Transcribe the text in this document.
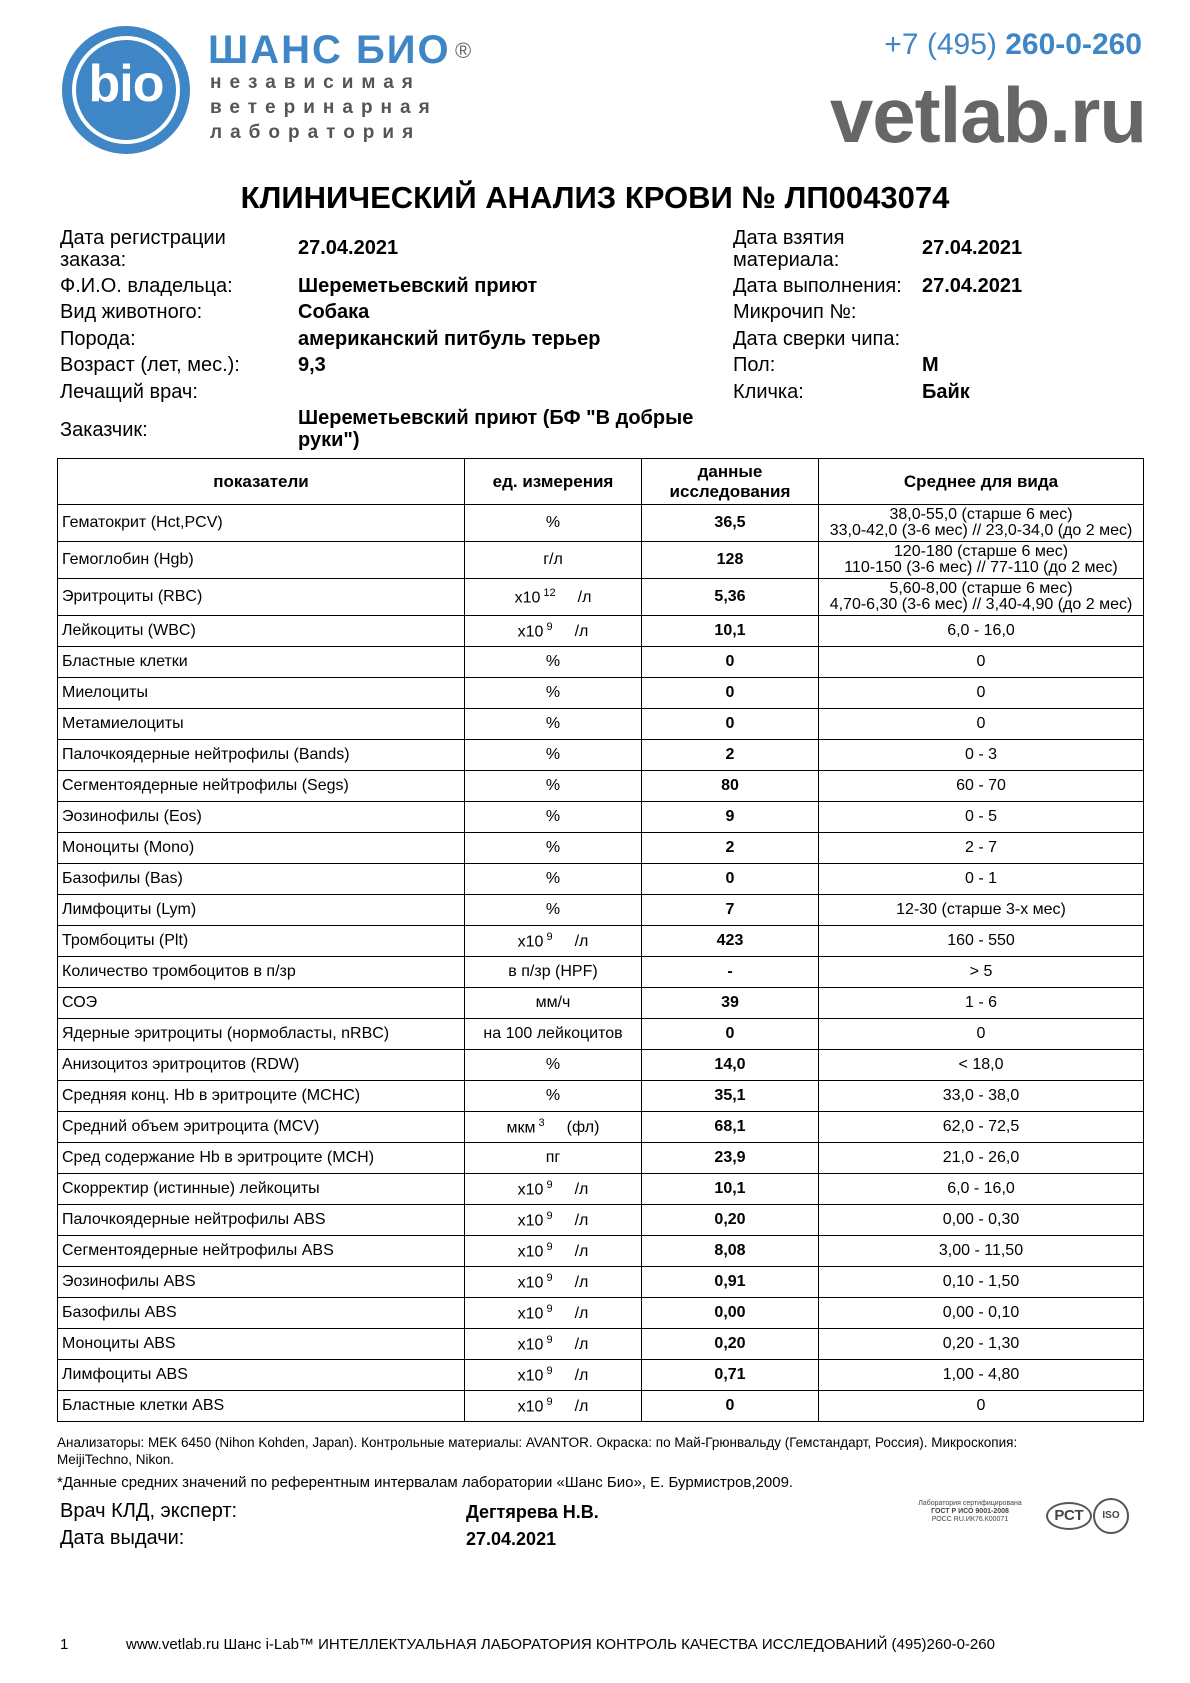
bio
ШАНС БИО ®
независимая
ветеринарная
лаборатория
+7 (495) 260-0-260
vetlab.ru
КЛИНИЧЕСКИЙ АНАЛИЗ КРОВИ № ЛП0043074
Дата регистрации
заказа:
27.04.2021
Ф.И.О. владельца:	Шереметьевский приют
Вид животного:	Собака
Порода:	американский питбуль терьер
Возраст (лет, мес.):	9,3
Лечащий врач:
Заказчик:
Шереметьевский приют (БФ "В добрые
руки")
Дата взятия
материала:
27.04.2021
Дата выполнения: 27.04.2021
Микрочип №:
Дата сверки чипа:
Пол:	М
Кличка:	Байк
показатели	ед. измерения	данные исследования	Среднее для вида
Гематокрит (Hct,PCV)	%	36,5	38,0-55,0 (старше 6 мес)
33,0-42,0 (3-6 мес) // 23,0-34,0 (до 2 мес)

Гемоглобин (Hgb)	г/л	128	120-180 (старше 6 мес)
110-150 (3-6 мес) // 77-110 (до 2 мес)

Эритроциты (RBC)	x10 $^{12}$ /л	5,36	5,60-8,00 (старше 6 мес)
4,70-6,30 (3-6 мес) // 3,40-4,90 (до 2 мес)

Лейкоциты (WBC)	x10 $^9$ /л	10,1	6,0 - 16,0

Бластные клетки	%	0	0

Миелоциты	%	0	0

Метамиелоциты	%	0	0

Палочкоядерные нейтрофилы (Bands)	%	2	0 - 3

Сегментоядерные нейтрофилы (Segs)	%	80	60 - 70

Эозинофилы (Eos)	%	9	0 - 5

Моноциты (Mono)	%	2	2 - 7

Базофилы (Bas)	%	0	0 - 1

Лимфоциты (Lym)	%	7	12-30 (старше 3-х мес)

Тромбоциты (Plt)	x10 $^9$ /л	423	160 - 550

Количество тромбоцитов в п/зр	в п/зр (HPF)	-	> 5

СОЭ	мм/ч	39	1 - 6

Ядерные эритроциты (нормобласты, nRBC)	на 100 лейкоцитов	0	0

Анизоцитоз эритроцитов (RDW)	%	14,0	< 18,0

Средняя конц. Hb в эритроците (MCHC)	%	35,1	33,0 - 38,0

Средний объем эритроцита (MCV)	мкм $^3$ (фл)	68,1	62,0 - 72,5

Сред содержание Hb в эритроците (MCH)	пг	23,9	21,0 - 26,0

Скорректир (истинные) лейкоциты	x10 $^9$ /л	10,1	6,0 - 16,0

Палочкоядерные нейтрофилы ABS	x10 $^9$ /л	0,20	0,00 - 0,30

Сегментоядерные нейтрофилы ABS	x10 $^9$ /л	8,08	3,00 - 11,50

Эозинофилы ABS	x10 $^9$ /л	0,91	0,10 - 1,50

Базофилы ABS	x10 $^9$ /л	0,00	0,00 - 0,10

Моноциты ABS	x10 $^9$ /л	0,20	0,20 - 1,30

Лимфоциты ABS	x10 $^9$ /л	0,71	1,00 - 4,80

Бластные клетки ABS	x10 $^9$ /л	0	0
Анализаторы: MEK 6450 (Nihon Kohden, Japan). Контрольные материалы: AVANTOR. Окраска: по Май-Грюнвальду (Гемстандарт, Россия). Микроскопия:
MeijiTechno, Nikon.
*Данные средних значений по референтным интервалам лаборатории «Шанс Био», Е. Бурмистров,2009.
Врач КЛД, эксперт:	Дегтярева Н.В.
Дата выдачи:	27.04.2021
Лаборатория сертифицирована
ГОСТ Р ИСО 9001-2008
РОСС RU.ИК76.К00071	РСТ	ISO
1	www.vetlab.ru Шанс i-Lab™ ИНТЕЛЛЕКТУАЛЬНАЯ ЛАБОРАТОРИЯ КОНТРОЛЬ КАЧЕСТВА ИССЛЕДОВАНИЙ (495)260-0-260
